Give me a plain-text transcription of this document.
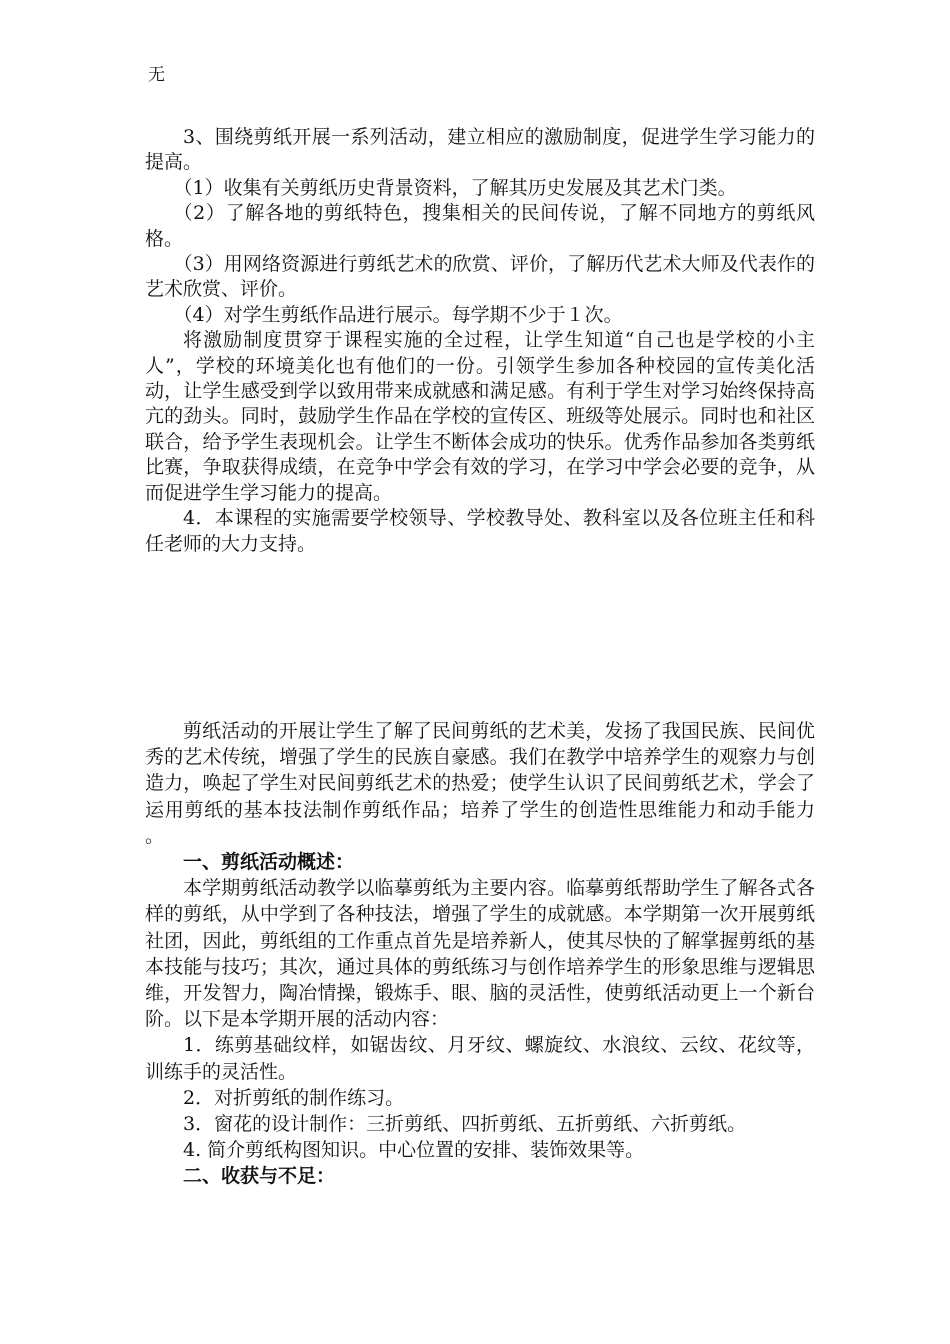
无

3、围绕剪纸开展一系列活动，建立相应的激励制度，促进学生学习能力的提高。

（1）收集有关剪纸历史背景资料，了解其历史发展及其艺术门类。

（2）了解各地的剪纸特色，搜集相关的民间传说，了解不同地方的剪纸风格。

（3）用网络资源进行剪纸艺术的欣赏、评价，了解历代艺术大师及代表作的艺术欣赏、评价。

（4）对学生剪纸作品进行展示。每学期不少于１次。

将激励制度贯穿于课程实施的全过程，让学生知道“自己也是学校的小主人”，学校的环境美化也有他们的一份。引领学生参加各种校园的宣传美化活动，让学生感受到学以致用带来成就感和满足感。有利于学生对学习始终保持高亢的劲头。同时，鼓励学生作品在学校的宣传区、班级等处展示。同时也和社区联合，给予学生表现机会。让学生不断体会成功的快乐。优秀作品参加各类剪纸比赛，争取获得成绩，在竞争中学会有效的学习，在学习中学会必要的竞争，从而促进学生学习能力的提高。

4．本课程的实施需要学校领导、学校教导处、教科室以及各位班主任和科任老师的大力支持。

剪纸活动的开展让学生了解了民间剪纸的艺术美，发扬了我国民族、民间优秀的艺术传统，增强了学生的民族自豪感。我们在教学中培养学生的观察力与创造力，唤起了学生对民间剪纸艺术的热爱；使学生认识了民间剪纸艺术，学会了运用剪纸的基本技法制作剪纸作品；培养了学生的创造性思维能力和动手能力 。

一、剪纸活动概述：

本学期剪纸活动教学以临摹剪纸为主要内容。临摹剪纸帮助学生了解各式各样的剪纸，从中学到了各种技法，增强了学生的成就感。本学期第一次开展剪纸社团，因此，剪纸组的工作重点首先是培养新人，使其尽快的了解掌握剪纸的基本技能与技巧；其次，通过具体的剪纸练习与创作培养学生的形象思维与逻辑思维，开发智力，陶冶情操，锻炼手、眼、脑的灵活性，使剪纸活动更上一个新台阶。以下是本学期开展的活动内容：

1．练剪基础纹样，如锯齿纹、月牙纹、螺旋纹、水浪纹、云纹、花纹等，训练手的灵活性。

2．对折剪纸的制作练习。

3．窗花的设计制作：三折剪纸、四折剪纸、五折剪纸、六折剪纸。

4. 简介剪纸构图知识。中心位置的安排、装饰效果等。

二、收获与不足：
